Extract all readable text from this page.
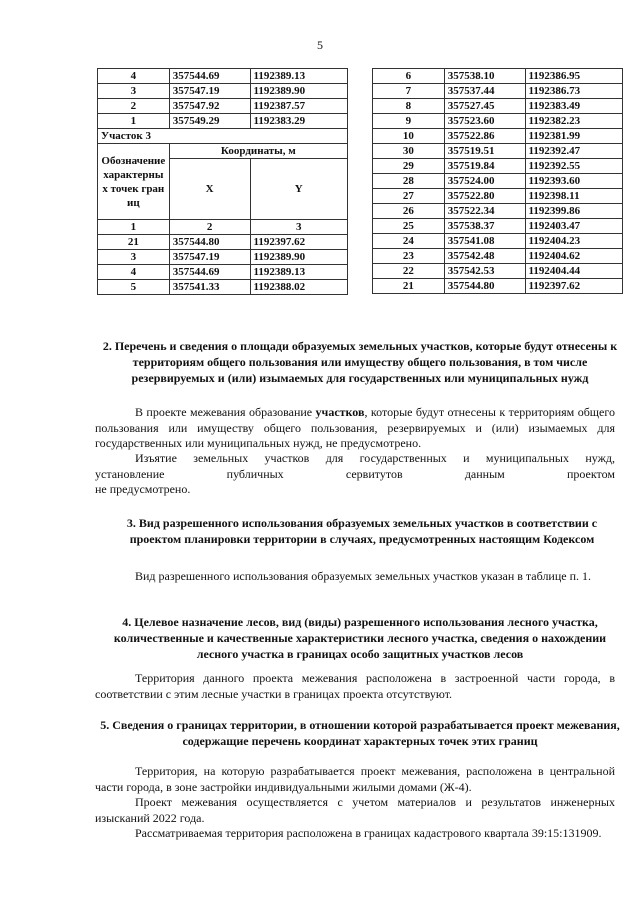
5
4	357544.69	1192389.13
3	357547.19	1192389.90
2	357547.92	1192387.57
1	357549.29	1192383.29
Участок 3		
Обозначение характерных точек границ	Координаты, м	
	X	Y
1	2	3
21	357544.80	1192397.62
3	357547.19	1192389.90
4	357544.69	1192389.13
5	357541.33	1192388.02
6	357538.10	1192386.95
7	357537.44	1192386.73
8	357527.45	1192383.49
9	357523.60	1192382.23
10	357522.86	1192381.99
30	357519.51	1192392.47
29	357519.84	1192392.55
28	357524.00	1192393.60
27	357522.80	1192398.11
26	357522.34	1192399.86
25	357538.37	1192403.47
24	357541.08	1192404.23
23	357542.48	1192404.62
22	357542.53	1192404.44
21	357544.80	1192397.62
2. Перечень и сведения о площади образуемых земельных участков, которые будут отнесены к территориям общего пользования или имуществу общего пользования, в том числе резервируемых и (или) изымаемых для государственных или муниципальных нужд
В проекте межевания образование участков, которые будут отнесены к территориям общего пользования или имуществу общего пользования, резервируемых и (или) изымаемых для государственных или муниципальных нужд, не предусмотрено.
Изъятие земельных участков для государственных и муниципальных нужд,
установление публичных сервитутов данным проектом
не предусмотрено.
3. Вид разрешенного использования образуемых земельных участков в соответствии с проектом планировки территории в случаях, предусмотренных настоящим Кодексом
Вид разрешенного использования образуемых земельных участков указан в таблице п. 1.
4. Целевое назначение лесов, вид (виды) разрешенного использования лесного участка, количественные и качественные характеристики лесного участка, сведения о нахождении лесного участка в границах особо защитных участков лесов
Территория данного проекта межевания расположена в застроенной части города, в соответствии с этим лесные участки в границах проекта отсутствуют.
5. Сведения о границах территории, в отношении которой разрабатывается проект межевания, содержащие перечень координат характерных точек этих границ
Территория, на которую разрабатывается проект межевания, расположена в центральной части города, в зоне застройки индивидуальными жилыми домами (Ж-4).
Проект межевания осуществляется с учетом материалов и результатов инженерных изысканий 2022 года.
Рассматриваемая территория расположена в границах кадастрового квартала 39:15:131909.
